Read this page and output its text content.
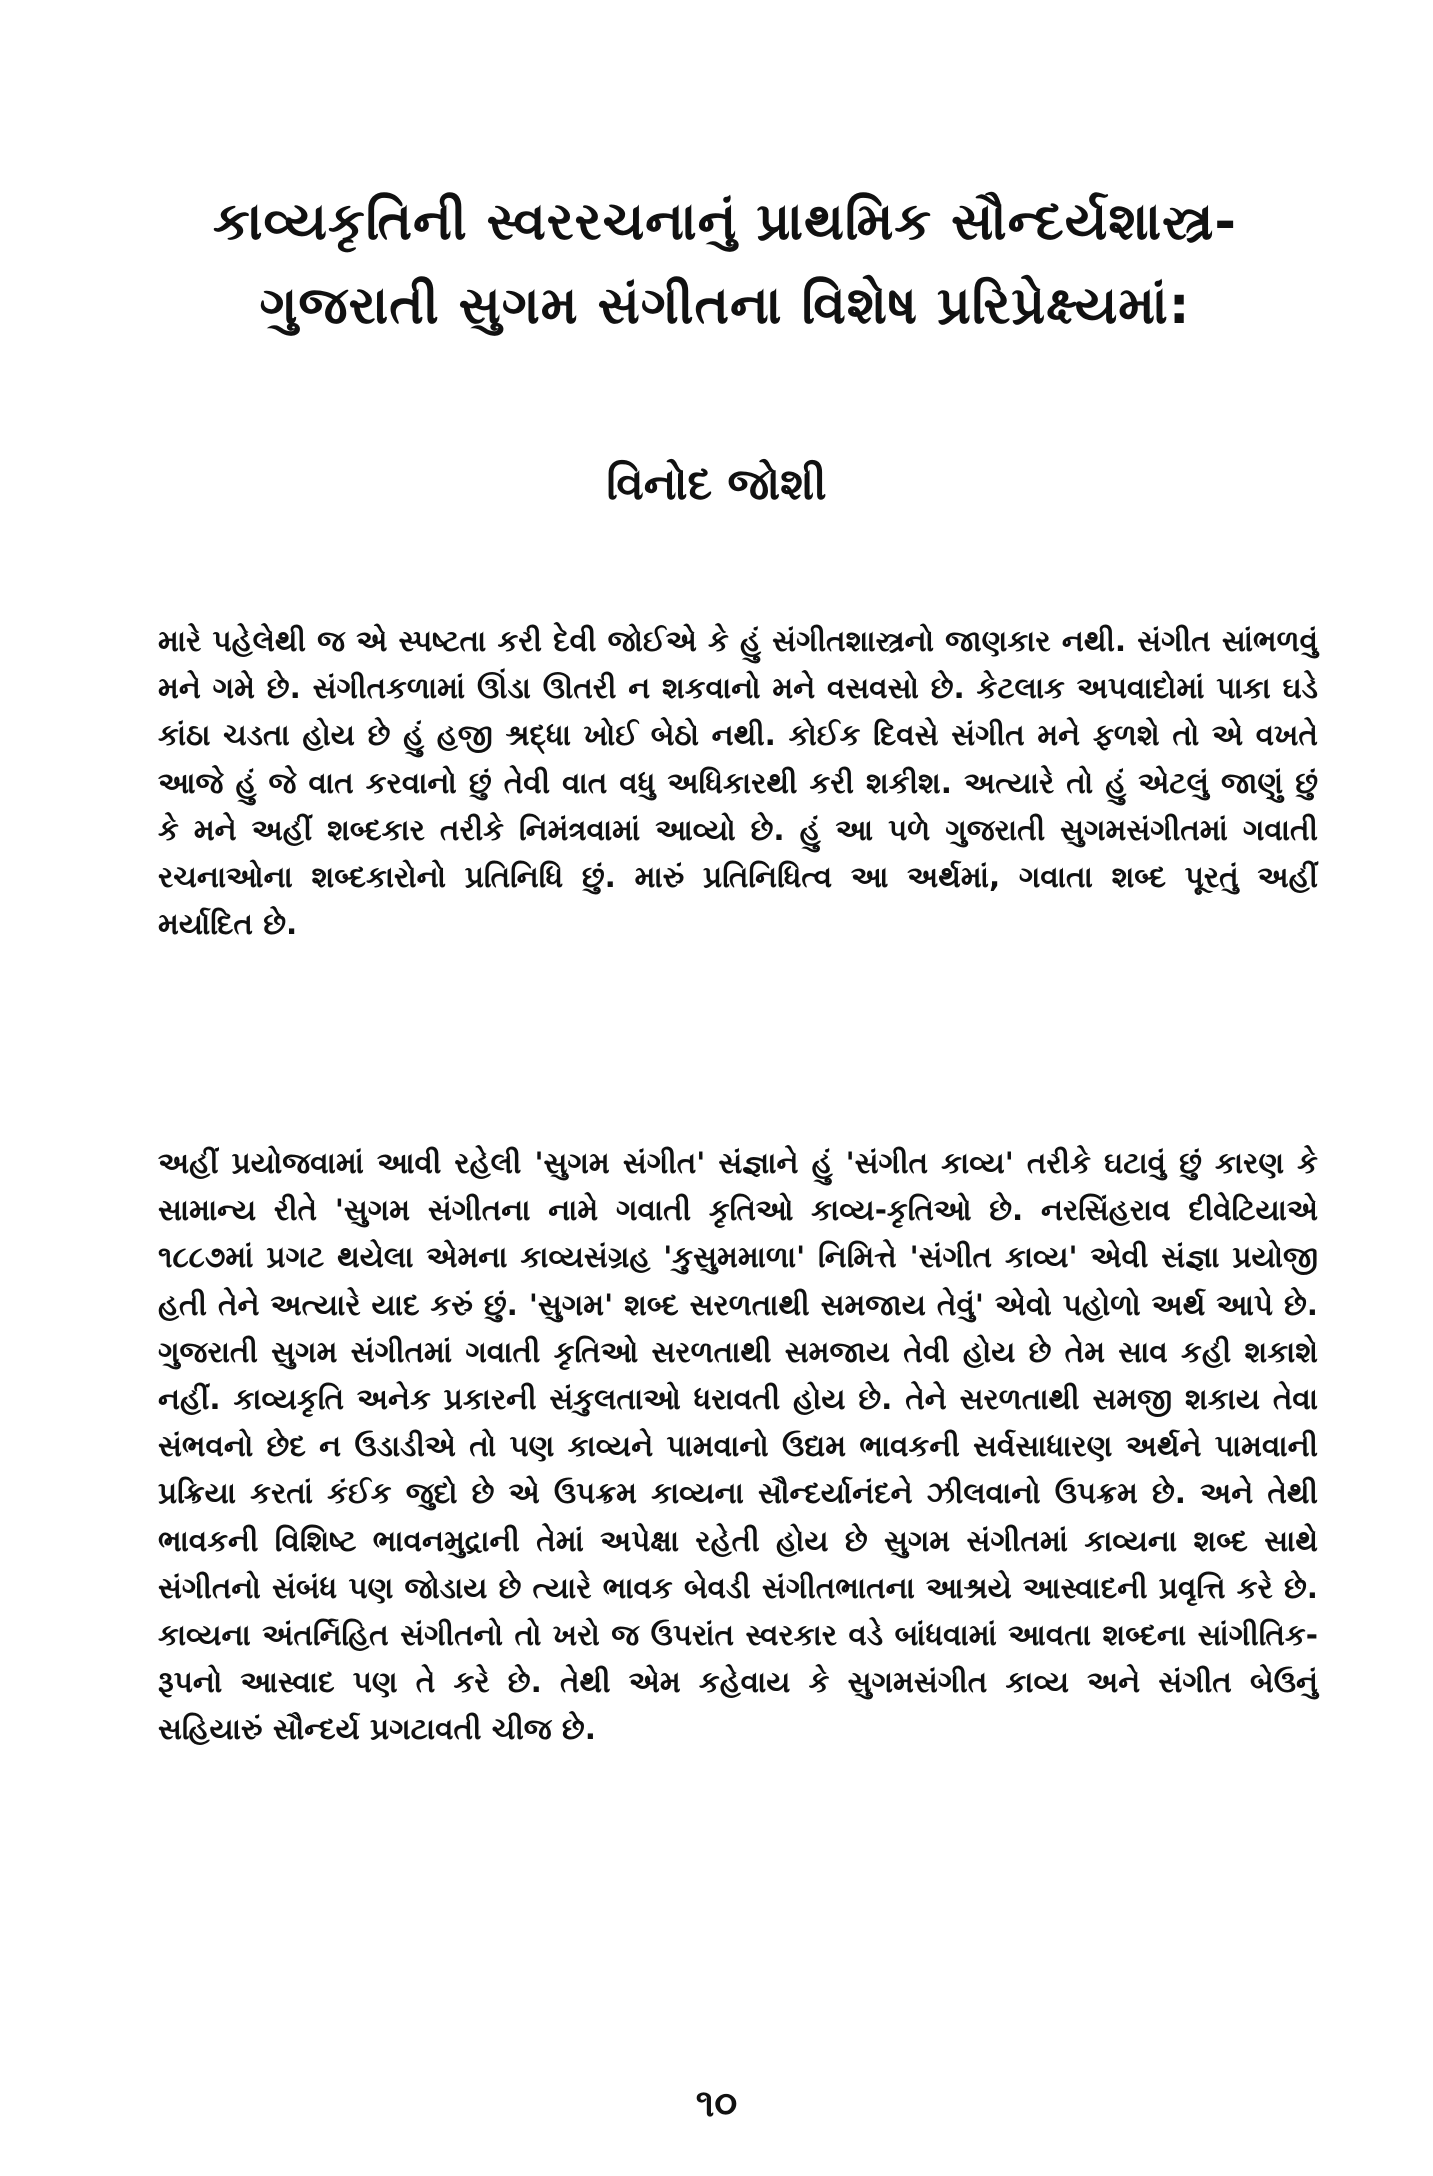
કાવ્યકૃતિની સ્વરરચનાનું પ્રાથમિક સૌન્દર્યશાસ્ત્ર-
ગુજરાતી સુગમ સંગીતના વિશેષ પ્રરિપ્રેક્ષ્યમાં:
વિનોદ જોશી

મારે પહેલેથી જ એ સ્પષ્ટતા કરી દેવી જોઈએ કે હું સંગીતશાસ્ત્રનો જાણકાર નથી. સંગીત સાંભળવું મને ગમે છે. સંગીતકળામાં ઊંડા ઊતરી ન શકવાનો મને વસવસો છે. કેટલાક અપવાદોમાં પાકા ઘડે કાંઠા ચડતા હોય છે હું હજી શ્રદ્ધા ખોઈ બેઠો નથી. કોઈક દિવસે સંગીત મને ફળશે તો એ વખતે આજે હું જે વાત કરવાનો છું તેવી વાત વધુ અધિકારથી કરી શકીશ. અત્યારે તો હું એટલું જાણું છું કે મને અહીં શબ્દકાર તરીકે નિમંત્રવામાં આવ્યો છે. હું આ પળે ગુજરાતી સુગમસંગીતમાં ગવાતી રચનાઓના શબ્દકારોનો પ્રતિનિધિ છું. મારું પ્રતિનિધિત્વ આ અર્થમાં, ગવાતા શબ્દ પૂરતું અહીં મર્યાદિત છે.

અહીં પ્રયોજવામાં આવી રહેલી 'સુગમ સંગીત' સંજ્ઞાને હું 'સંગીત કાવ્ય' તરીકે ઘટાવું છું કારણ કે સામાન્ય રીતે 'સુગમ સંગીતના નામે ગવાતી કૃતિઓ કાવ્ય-કૃતિઓ છે. નરસિંહરાવ દીવેટિયાએ ૧૮૮૭માં પ્રગટ થયેલા એમના કાવ્યસંગ્રહ 'કુસુમમાળા' નિમિત્તે 'સંગીત કાવ્ય' એવી સંજ્ઞા પ્રયોજી હતી તેને અત્યારે યાદ કરું છું. 'સુગમ' શબ્દ સરળતાથી સમજાય તેવું' એવો પહોળો અર્થ આપે છે. ગુજરાતી સુગમ સંગીતમાં ગવાતી કૃતિઓ સરળતાથી સમજાય તેવી હોય છે તેમ સાવ કહી શકાશે નહીં. કાવ્યકૃતિ અનેક પ્રકારની સંકુલતાઓ ધરાવતી હોય છે. તેને સરળતાથી સમજી શકાય તેવા સંભવનો છેદ ન ઉડાડીએ તો પણ કાવ્યને પામવાનો ઉદ્યમ ભાવકની સર્વસાધારણ અર્થને પામવાની પ્રક્રિયા કરતાં કંઈક જુદો છે એ ઉપક્રમ કાવ્યના સૌન્દર્યાનંદને ઝીલવાનો ઉપક્રમ છે. અને તેથી ભાવકની વિશિષ્ટ ભાવનમુદ્રાની તેમાં અપેક્ષા રહેતી હોય છે સુગમ સંગીતમાં કાવ્યના શબ્દ સાથે સંગીતનો સંબંધ પણ જોડાય છે ત્યારે ભાવક બેવડી સંગીતભાતના આશ્રયે આસ્વાદની પ્રવૃત્તિ કરે છે. કાવ્યના અંતર્નિહિત સંગીતનો તો ખરો જ ઉપરાંત સ્વરકાર વડે બાંધવામાં આવતા શબ્દના સાંગીતિક-રૂપનો આસ્વાદ પણ તે કરે છે. તેથી એમ કહેવાય કે સુગમસંગીત કાવ્ય અને સંગીત બેઉનું સહિયારું સૌન્દર્ય પ્રગટાવતી ચીજ છે.

૧૦
